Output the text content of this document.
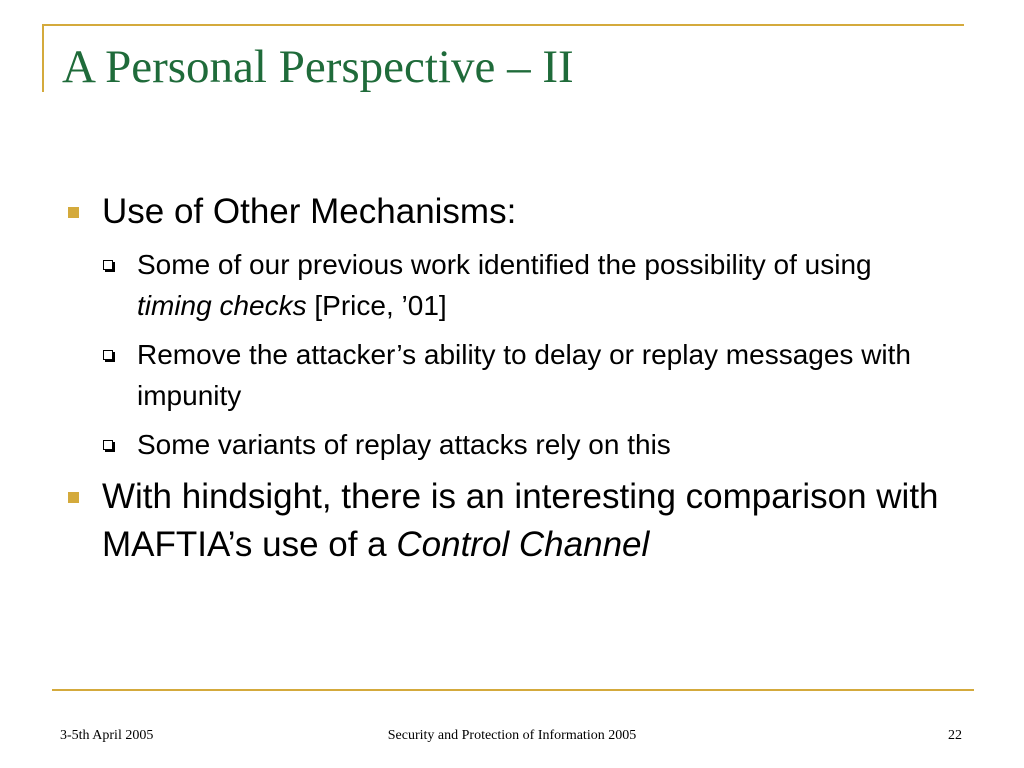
A Personal Perspective – II
Use of Other Mechanisms:
Some of our previous work identified the possibility of using timing checks [Price, ’01]
Remove the attacker’s ability to delay or replay messages with impunity
Some variants of replay attacks rely on this
With hindsight, there is an interesting comparison with MAFTIA’s use of a Control Channel
3-5th April 2005	Security and Protection of Information 2005	22
